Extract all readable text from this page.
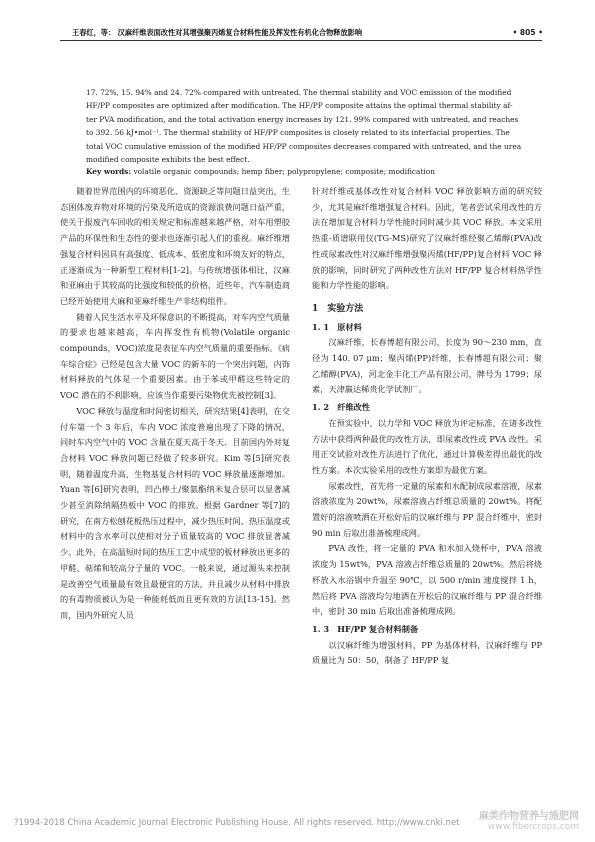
王春红，等： 汉麻纤维表面改性对其增强聚丙烯复合材料性能及挥发性有机化合物释放影响	• 805 •

17. 72%, 15. 94% and 24. 72% compared with untreated. The thermal stability and VOC emission of the modified

HF/PP composites are optimized after modification. The HF/PP composite attains the optimal thermal stability af-

ter PVA modification, and the total activation energy increases by 121. 99% compared with untreated, and reaches

to 392. 56 kJ•mol⁻¹. The thermal stability of HF/PP composites is closely related to its interfacial properties. The

total VOC cumulative emission of the modified HF/PP composites decreases compared with untreated, and the urea

modified composite exhibits the best effect.

Key words: volatile organic compounds; hemp fiber; polypropylene; composite; modification

随着世界范围内的环境恶化、资源缺乏等问题日益突出，生态困体废弃物对环境的污染及所造成的资源浪费问题日益严重，使关于报废汽车回收的相关规定和标准越来越严格，对车用塑胶产品的环保性和生态性的要求也逐渐引起人们的重视。麻纤维增强复合材料因具有高强度、低成本、低密度和环境友好的特点，正逐渐成为一种新型工程材料[1-2]。与传统增强体相比，汉麻和亚麻由于其较高的比强度和较低的价格，近些年，汽车制造商已经开始使用大麻和亚麻纤维生产非结构组件。

随着人民生活水平及环保意识的不断提高，对车内空气质量的要求也越来越高，车内挥发性有机物(Volatile organic compounds，VOC)浓度是表征车内空气质量的重要指标。《病车综合症》已经是包含大量 VOC 的新车的一个突出问题，内饰材料释放的气体是一个重要因素。由于苯或甲醛这些特定的 VOC 潜在的不利影响，应该当作重要污染物优先被控制[3]。

VOC 释放与温度和时间密切相关，研究结果[4]表明，在交付车第一个 3 年后，车内 VOC 浓度普遍出现了下降的情况，同时车内空气中的 VOC 含量在夏天高于冬天。目前国内外对复合材料 VOC 释放问题已经做了较多研究。Kim 等[5]研究表明，随着温度升高，生物基复合材料的 VOC 释放量逐渐增加。Yuan 等[6]研究表明，凹凸棒土/聚氨酯纳米复合层可以显著减少甚至消除纳隔热板中 VOC 的排放。根据 Gardner 等[7]的研究，在南方松刨花板热压过程中，减少热压时间、热压温度或材料中的含水率可以使相对分子质量较高的 VOC 排放显著减少。此外，在高温短时间的热压工艺中成型的板材释放出更多的甲醛、萜烯和较高分子量的 VOC。一般来说，通过源头来控制是改善空气质量最有效且最便宜的方法，并且减少从材料中排放的有毒物质被认为是一种能耗低而且更有效的方法[13-15]。然而，国内外研究人员

针对纤维或基体改性对复合材料 VOC 释放影响方面的研究较少，尤其是麻纤维增强复合材料。因此，笔者尝试采用改性的方法在增加复合材料力学性能时同时减少其 VOC 释放。本文采用热重-质谱联用仪(TG-MS)研究了汉麻纤维经聚乙烯醇(PVA)改性或尿素改性对汉麻纤维增强聚丙烯(HF/PP)复合材料 VOC 释放的影响，同时研究了两种改性方法对 HF/PP 复合材料热学性能和力学性能的影响。

1　实验方法
1. 1　原材料

汉麻纤维，长春博超有限公司，长度为 90～230 mm，直径为 140. 07 μm；聚丙烯(PP)纤维，长春博超有限公司；聚乙烯醇(PVA)，河北金丰化工产品有限公司，牌号为 1799；尿素，天津嬴达稀贵化学试剂厂。

1. 2　纤维改性

在预实验中，以力学和 VOC 释放为评定标准，在诸多改性方法中获得两种最优的改性方法，即尿素改性或 PVA 改性。采用正交试验对改性方法进行了优化，通过计算极差得出最优的改性方案。本次实验采用的改性方案即为最优方案。

尿素改性，首先将一定量的尿素和水配制成尿素溶液，尿素溶液浓度为 20wt%，尿素溶液占纤维总质量的 20wt%。将配置好的溶液喷洒在开松好后的汉麻纤维与 PP 混合纤维中，密封 90 min 后取出准备梳理成网。

PVA 改性，将一定量的 PVA 和水加入烧杯中，PVA 溶液浓度为 15wt%，PVA 溶液占纤维总质量的 20wt%。然后将烧杯放入水浴锅中升温至 90℃，以 500 r/min 速度搅拌 1 h，然后将 PVA 溶液均匀地洒在开松后的汉麻纤维与 PP 混合纤维中，密封 30 min 后取出准备梳理成网。

1. 3　HF/PP 复合材料制备

以汉麻纤维为增强材料，PP 为基体材料，汉麻纤维与 PP 质量比为 50：50，制备了 HF/PP 复

?1994-2018 China Academic Journal Electronic Publishing House. All rights reserved. http://www.cnki.net
麻类作物营养与施肥网
www.fibercrops.com
